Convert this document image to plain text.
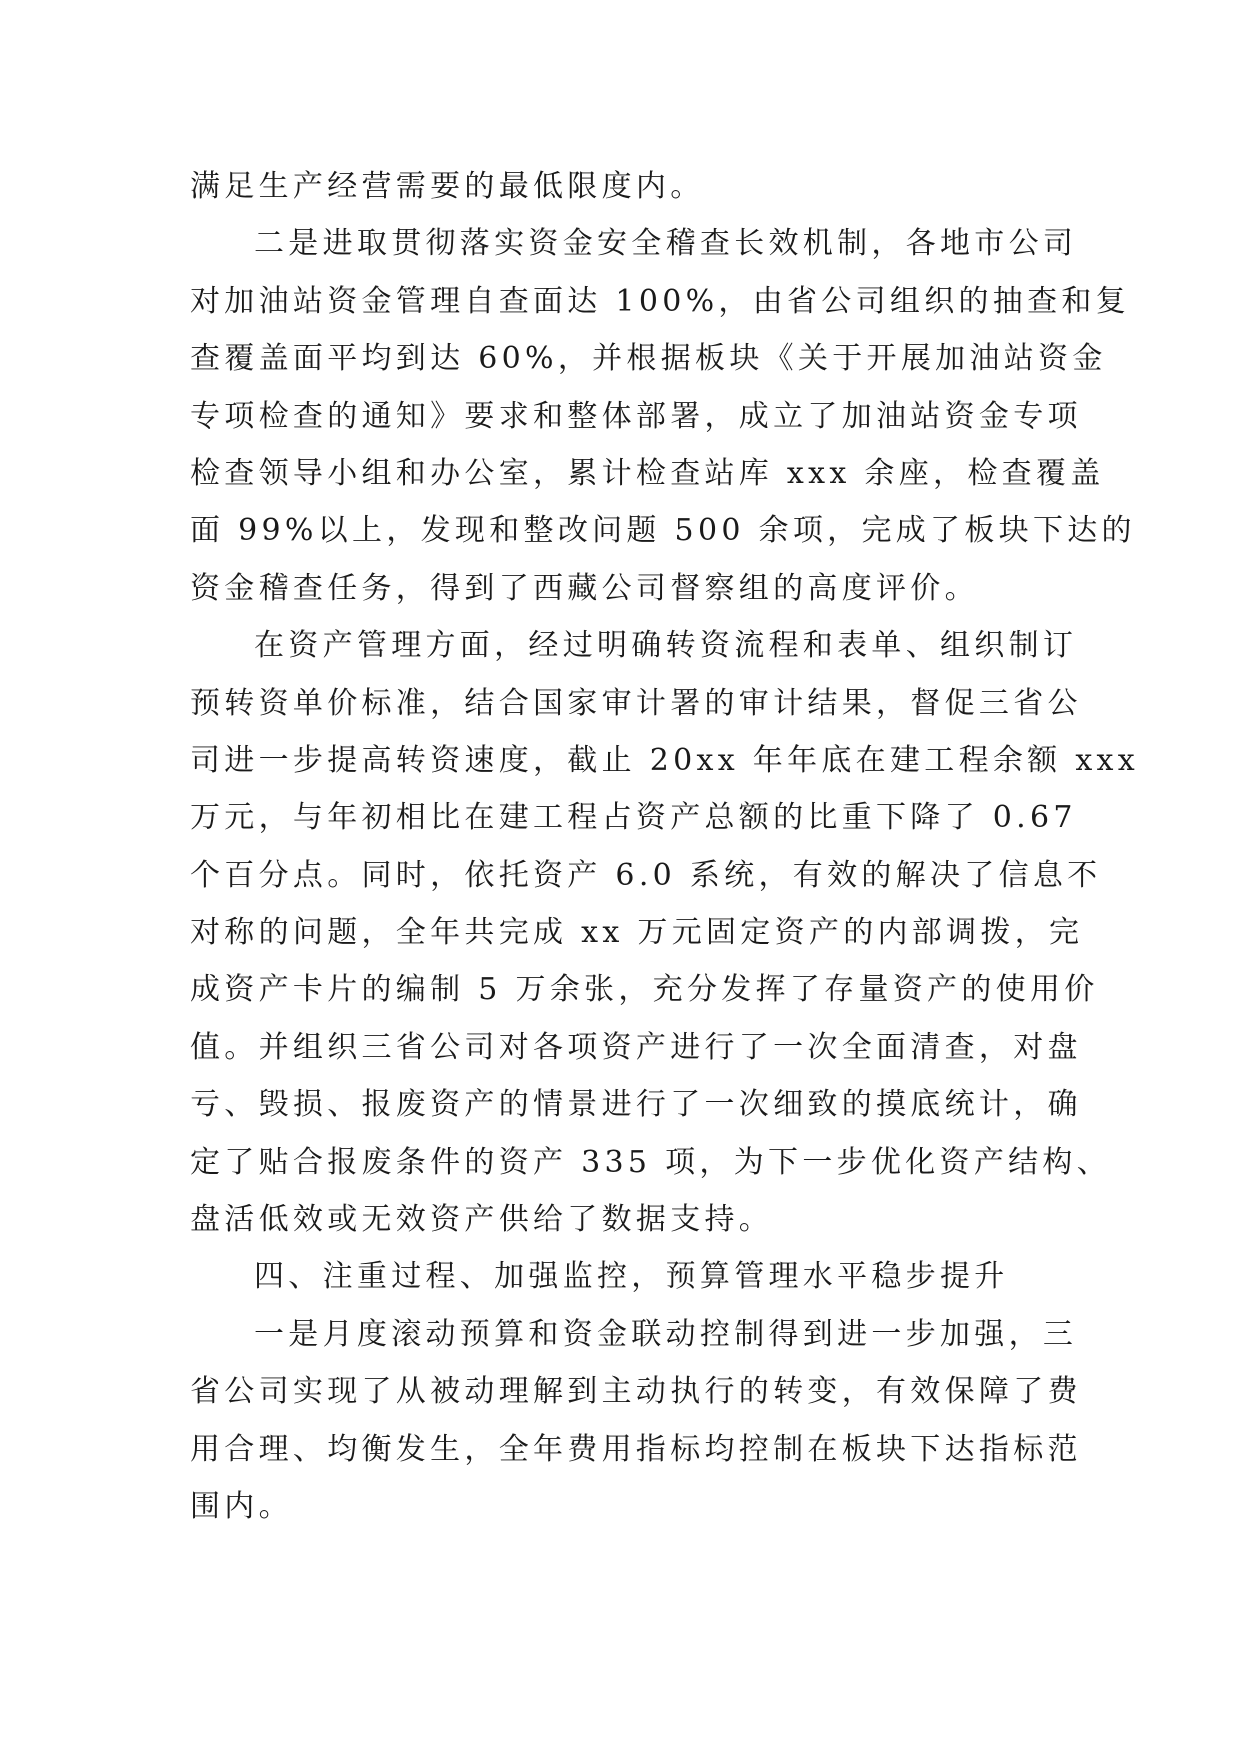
满足生产经营需要的最低限度内。
二是进取贯彻落实资金安全稽查长效机制，各地市公司
对加油站资金管理自查面达 100%，由省公司组织的抽查和复
查覆盖面平均到达 60%，并根据板块《关于开展加油站资金
专项检查的通知》要求和整体部署，成立了加油站资金专项
检查领导小组和办公室，累计检查站库 xxx 余座，检查覆盖
面 99%以上，发现和整改问题 500 余项，完成了板块下达的
资金稽查任务，得到了西藏公司督察组的高度评价。
在资产管理方面，经过明确转资流程和表单、组织制订
预转资单价标准，结合国家审计署的审计结果，督促三省公
司进一步提高转资速度，截止 20xx 年年底在建工程余额 xxx
万元，与年初相比在建工程占资产总额的比重下降了 0.67
个百分点。同时，依托资产 6.0 系统，有效的解决了信息不
对称的问题，全年共完成 xx 万元固定资产的内部调拨，完
成资产卡片的编制 5 万余张，充分发挥了存量资产的使用价
值。并组织三省公司对各项资产进行了一次全面清查，对盘
亏、毁损、报废资产的情景进行了一次细致的摸底统计，确
定了贴合报废条件的资产 335 项，为下一步优化资产结构、
盘活低效或无效资产供给了数据支持。
四、注重过程、加强监控，预算管理水平稳步提升
一是月度滚动预算和资金联动控制得到进一步加强，三
省公司实现了从被动理解到主动执行的转变，有效保障了费
用合理、均衡发生，全年费用指标均控制在板块下达指标范
围内。
